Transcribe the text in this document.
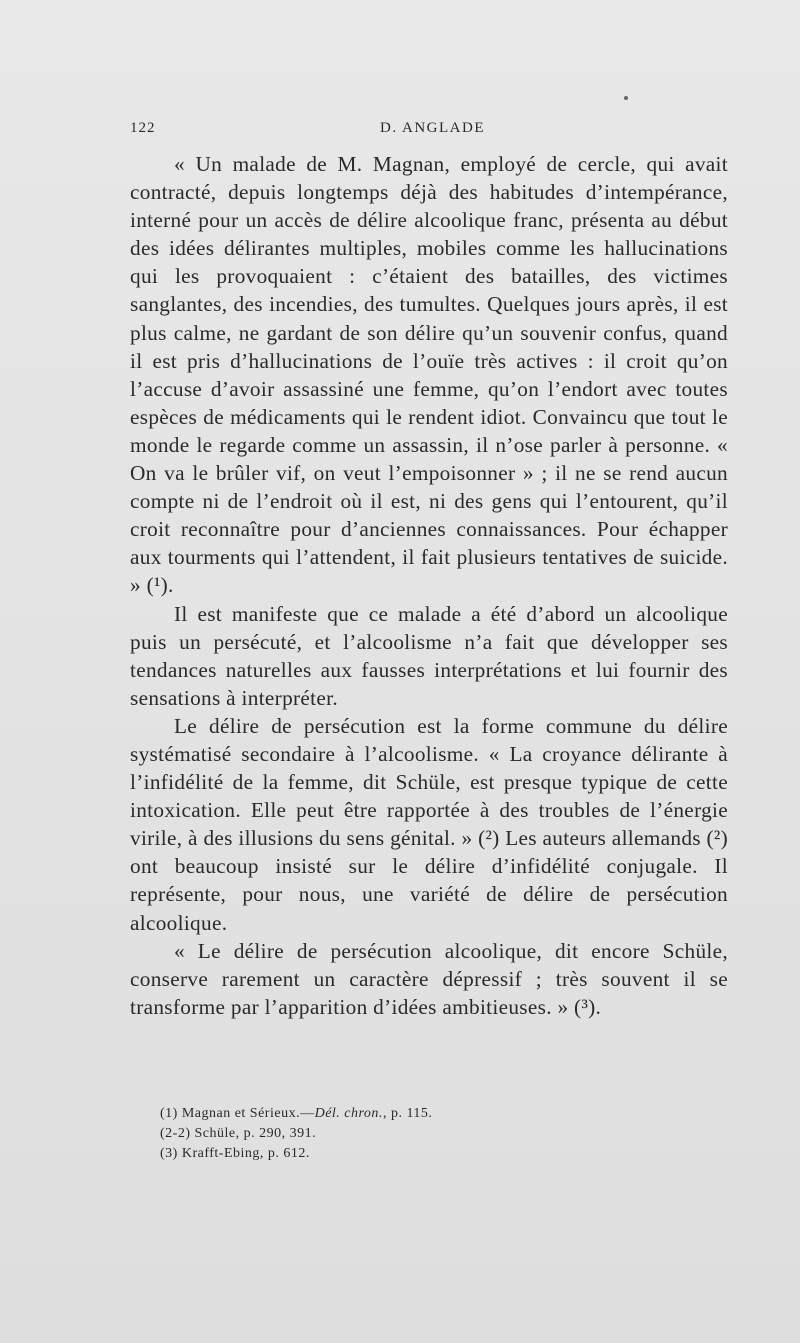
122	D. ANGLADE

« Un malade de M. Magnan, employé de cercle, qui avait contracté, depuis longtemps déjà des habitudes d’intempérance, interné pour un accès de délire alcoolique franc, présenta au début des idées délirantes multiples, mobiles comme les hallucinations qui les provoquaient : c’étaient des batailles, des victimes sanglantes, des incendies, des tumultes. Quelques jours après, il est plus calme, ne gardant de son délire qu’un souvenir confus, quand il est pris d’hallucinations de l’ouïe très actives : il croit qu’on l’accuse d’avoir assassiné une femme, qu’on l’endort avec toutes espèces de médicaments qui le rendent idiot. Convaincu que tout le monde le regarde comme un assassin, il n’ose parler à personne. « On va le brûler vif, on veut l’empoisonner » ; il ne se rend aucun compte ni de l’endroit où il est, ni des gens qui l’entourent, qu’il croit reconnaître pour d’anciennes connaissances. Pour échapper aux tourments qui l’attendent, il fait plusieurs tentatives de suicide. » (¹).

Il est manifeste que ce malade a été d’abord un alcoolique puis un persécuté, et l’alcoolisme n’a fait que développer ses tendances naturelles aux fausses interprétations et lui fournir des sensations à interpréter.

Le délire de persécution est la forme commune du délire systématisé secondaire à l’alcoolisme. « La croyance délirante à l’infidélité de la femme, dit Schüle, est presque typique de cette intoxication. Elle peut être rapportée à des troubles de l’énergie virile, à des illusions du sens génital. » (²) Les auteurs allemands (²) ont beaucoup insisté sur le délire d’infidélité conjugale. Il représente, pour nous, une variété de délire de persécution alcoolique.

« Le délire de persécution alcoolique, dit encore Schüle, conserve rarement un caractère dépressif ; très souvent il se transforme par l’apparition d’idées ambitieuses. » (³).

(1) Magnan et Sérieux.—Dél. chron., p. 115.
(2-2) Schüle, p. 290, 391.
(3) Krafft-Ebing, p. 612.
